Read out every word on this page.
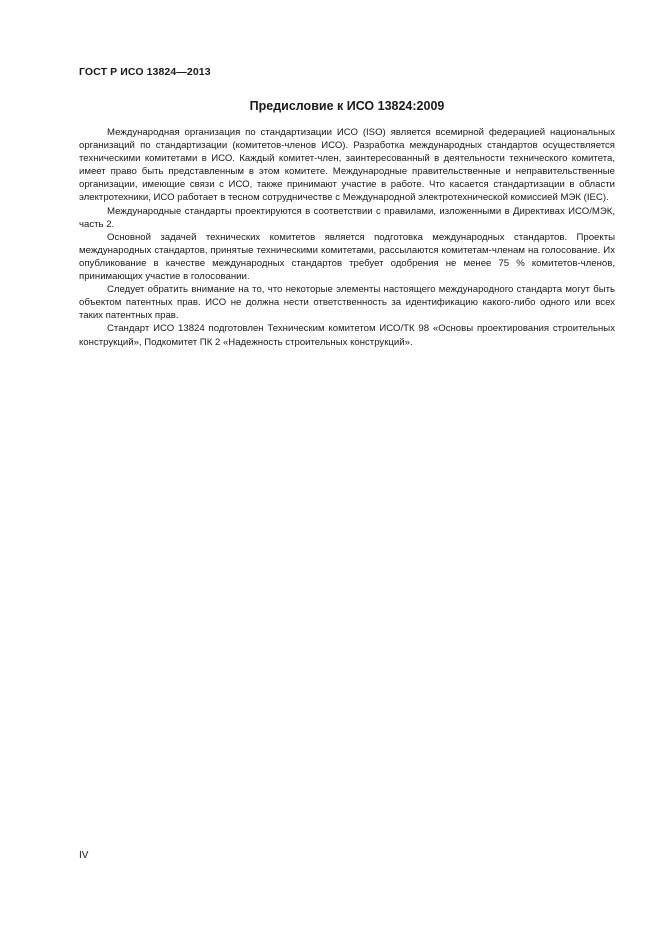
ГОСТ Р ИСО 13824—2013
Предисловие к ИСО 13824:2009

Международная организация по стандартизации ИСО (ISO) является всемирной федерацией национальных организаций по стандартизации (комитетов-членов ИСО). Разработка международных стандартов осуществляется техническими комитетами в ИСО. Каждый комитет-член, заинтересованный в деятельности технического комитета, имеет право быть представленным в этом комитете. Международные правительственные и неправительственные организации, имеющие связи с ИСО, также принимают участие в работе. Что касается стандартизации в области электротехники, ИСО работает в тесном сотрудничестве с Международной электротехнической комиссией МЭК (IEC).

Международные стандарты проектируются в соответствии с правилами, изложенными в Директивах ИСО/МЭК, часть 2.

Основной задачей технических комитетов является подготовка международных стандартов. Проекты международных стандартов, принятые техническими комитетами, рассылаются комитетам-членам на голосование. Их опубликование в качестве международных стандартов требует одобрения не менее 75 % комитетов-членов, принимающих участие в голосовании.

Следует обратить внимание на то, что некоторые элементы настоящего международного стандарта могут быть объектом патентных прав. ИСО не должна нести ответственность за идентификацию какого-либо одного или всех таких патентных прав.

Стандарт ИСО 13824 подготовлен Техническим комитетом ИСО/ТК 98 «Основы проектирования строительных конструкций», Подкомитет ПК 2 «Надежность строительных конструкций».

IV
